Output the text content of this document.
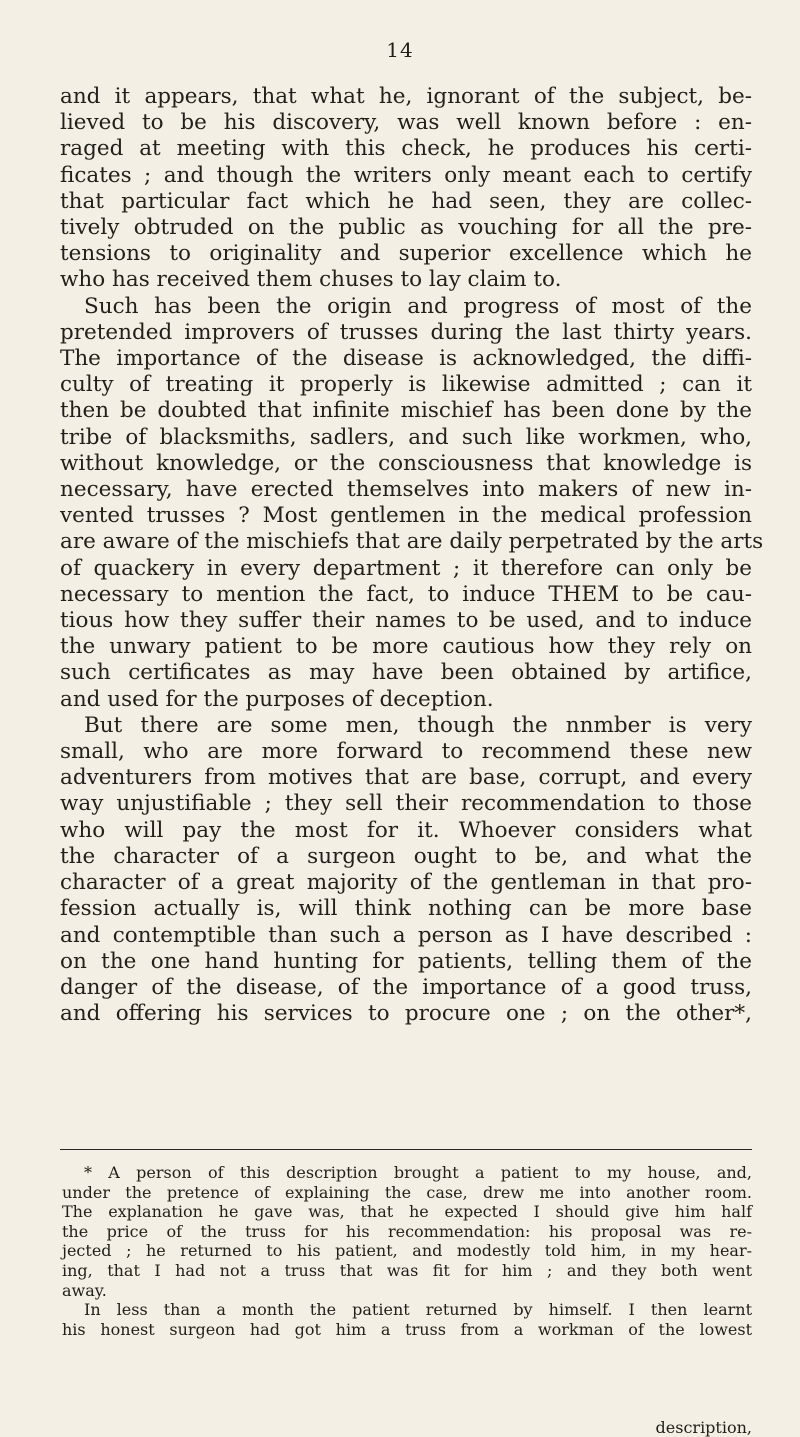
14
and it appears, that what he, ignorant of the subject, be-
lieved to be his discovery, was well known before : en-
raged at meeting with this check, he produces his certi-
ficates ; and though the writers only meant each to certify
that particular fact which he had seen, they are collec-
tively obtruded on the public as vouching for all the pre-
tensions to originality and superior excellence which he
who has received them chuses to lay claim to.
Such has been the origin and progress of most of the
pretended improvers of trusses during the last thirty years.
The importance of the disease is acknowledged, the diffi-
culty of treating it properly is likewise admitted ; can it
then be doubted that infinite mischief has been done by the
tribe of blacksmiths, sadlers, and such like workmen, who,
without knowledge, or the consciousness that knowledge is
necessary, have erected themselves into makers of new in-
vented trusses ? Most gentlemen in the medical profession
are aware of the mischiefs that are daily perpetrated by the arts
of quackery in every department ; it therefore can only be
necessary to mention the fact, to induce THEM to be cau-
tious how they suffer their names to be used, and to induce
the unwary patient to be more cautious how they rely on
such certificates as may have been obtained by artifice,
and used for the purposes of deception.
But there are some men, though the nnmber is very
small, who are more forward to recommend these new
adventurers from motives that are base, corrupt, and every
way unjustifiable ; they sell their recommendation to those
who will pay the most for it. Whoever considers what
the character of a surgeon ought to be, and what the
character of a great majority of the gentleman in that pro-
fession actually is, will think nothing can be more base
and contemptible than such a person as I have described :
on the one hand hunting for patients, telling them of the
danger of the disease, of the importance of a good truss,
and offering his services to procure one ; on the other*,
* A person of this description brought a patient to my house, and,
under the pretence of explaining the case, drew me into another room.
The explanation he gave was, that he expected I should give him half
the price of the truss for his recommendation: his proposal was re-
jected ; he returned to his patient, and modestly told him, in my hear-
ing, that I had not a truss that was fit for him ; and they both went
away.
In less than a month the patient returned by himself. I then learnt
his honest surgeon had got him a truss from a workman of the lowest
description,
